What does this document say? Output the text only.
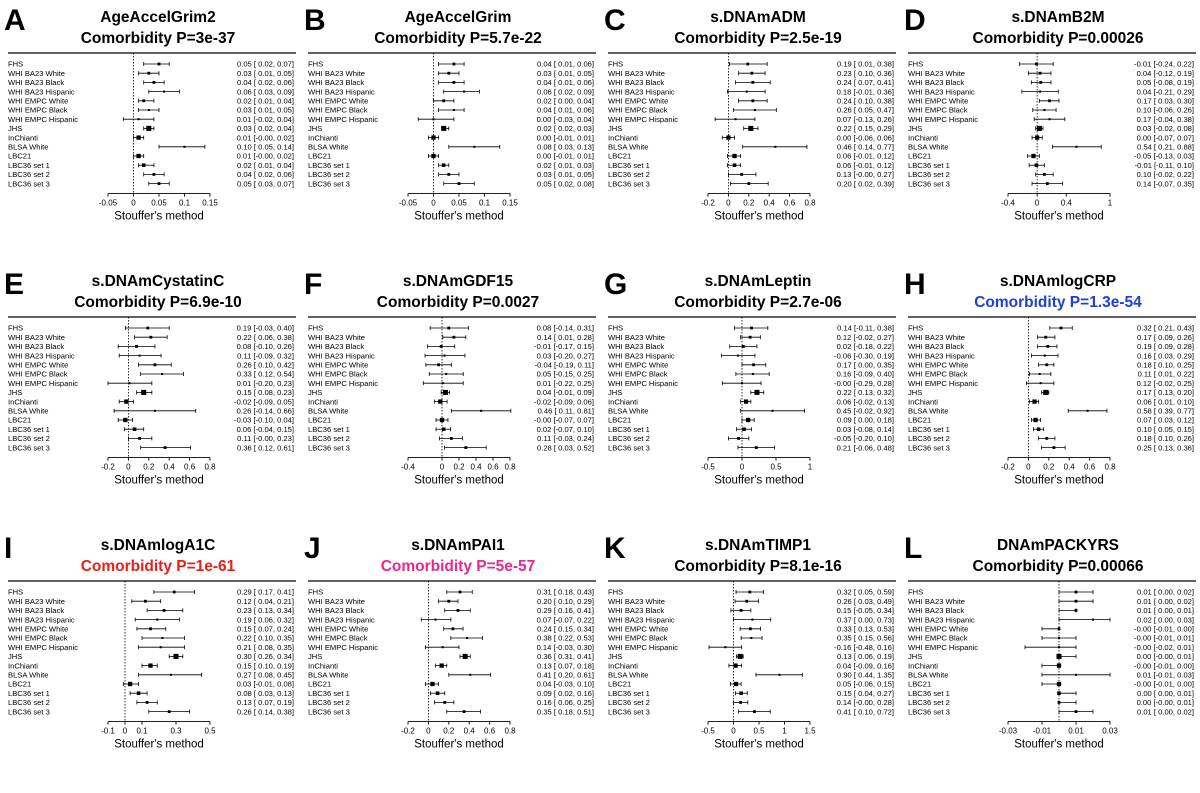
A	AgeAccelGrim2
Comorbidity P=3e-37
FHS	0.05 [ 0.02, 0.07]
WHI BA23 White	0.03 [ 0.01, 0.05]
WHI BA23 Black	0.04 [ 0.02, 0.06]
WHI BA23 Hispanic	0.06 [ 0.03, 0.09]
WHI EMPC White	0.02 [ 0.01, 0.04]
WHI EMPC Black	0.03 [ 0.01, 0.05]
WHI EMPC Hispanic	0.01 [-0.02, 0.04]
JHS	0.03 [ 0.02, 0.04]
InChianti	0.01 [-0.00, 0.02]
BLSA White	0.10 [ 0.05, 0.14]
LBC21	0.01 [-0.00, 0.02]
LBC36 set 1	0.02 [ 0.01, 0.04]
LBC36 set 2	0.04 [ 0.02, 0.06]
LBC36 set 3	0.05 [ 0.03, 0.07]
-0.05 0 0.05 0.1 0.15
Stouffer's method
B	AgeAccelGrim
Comorbidity P=5.7e-22
FHS	0.04 [ 0.01, 0.06]
WHI BA23 White	0.03 [ 0.01, 0.05]
WHI BA23 Black	0.04 [ 0.01, 0.06]
WHI BA23 Hispanic	0.06 [ 0.02, 0.09]
WHI EMPC White	0.02 [ 0.00, 0.04]
WHI EMPC Black	0.04 [ 0.01, 0.06]
WHI EMPC Hispanic	0.00 [-0.03, 0.04]
JHS	0.02 [ 0.02, 0.03]
InChianti	0.00 [-0.01, 0.01]
BLSA White	0.08 [ 0.03, 0.13]
LBC21	0.00 [-0.01, 0.01]
LBC36 set 1	0.02 [ 0.01, 0.03]
LBC36 set 2	0.03 [ 0.01, 0.05]
LBC36 set 3	0.05 [ 0.02, 0.08]
-0.05 0 0.05 0.1 0.15
Stouffer's method
C	s.DNAmADM
Comorbidity P=2.5e-19
FHS	0.19 [ 0.01, 0.38]
WHI BA23 White	0.23 [ 0.10, 0.36]
WHI BA23 Black	0.24 [ 0.07, 0.41]
WHI BA23 Hispanic	0.18 [-0.01, 0.36]
WHI EMPC White	0.24 [ 0.10, 0.38]
WHI EMPC Black	0.26 [ 0.05, 0.47]
WHI EMPC Hispanic	0.07 [-0.13, 0.26]
JHS	0.22 [ 0.15, 0.29]
InChianti	0.00 [-0.06, 0.06]
BLSA White	0.46 [ 0.14, 0.77]
LBC21	0.06 [-0.01, 0.12]
LBC36 set 1	0.06 [-0.01, 0.12]
LBC36 set 2	0.13 [-0.00, 0.27]
LBC36 set 3	0.20 [ 0.02, 0.39]
-0.2 0 0.2 0.4 0.6 0.8
Stouffer's method
D	s.DNAmB2M
Comorbidity P=0.00026
FHS	-0.01 [-0.24, 0.22]
WHI BA23 White	0.04 [-0.12, 0.19]
WHI BA23 Black	0.05 [-0.08, 0.19]
WHI BA23 Hispanic	0.04 [-0.21, 0.29]
WHI EMPC White	0.17 [ 0.03, 0.30]
WHI EMPC Black	0.10 [-0.06, 0.26]
WHI EMPC Hispanic	0.17 [-0.04, 0.38]
JHS	0.03 [-0.02, 0.08]
InChianti	0.00 [-0.07, 0.07]
BLSA White	0.54 [ 0.21, 0.88]
LBC21	-0.05 [-0.13, 0.03]
LBC36 set 1	-0.01 [-0.11, 0.10]
LBC36 set 2	0.10 [-0.02, 0.22]
LBC36 set 3	0.14 [-0.07, 0.35]
-0.4	0	0.4	1
Stouffer's method
E	s.DNAmCystatinC
Comorbidity P=6.9e-10
FHS	0.19 [-0.03, 0.40]
WHI BA23 White	0.22 [ 0.06, 0.38]
WHI BA23 Black	0.08 [-0.10, 0.26]
WHI BA23 Hispanic	0.11 [-0.09, 0.32]
WHI EMPC White	0.26 [ 0.10, 0.42]
WHI EMPC Black	0.33 [ 0.12, 0.54]
WHI EMPC Hispanic	0.01 [-0.20, 0.23]
JHS	0.15 [ 0.08, 0.23]
InChianti	-0.02 [-0.09, 0.05]
BLSA White	0.26 [-0.14, 0.66]
LBC21	-0.03 [-0.10, 0.04]
LBC36 set 1	0.06 [-0.04, 0.15]
LBC36 set 2	0.11 [-0.00, 0.23]
LBC36 set 3	0.36 [ 0.12, 0.61]
-0.2 0 0.2 0.4 0.6 0.8
Stouffer's method
F	s.DNAmGDF15
Comorbidity P=0.0027
FHS	0.08 [-0.14, 0.31]
WHI BA23 White	0.14 [ 0.01, 0.28]
WHI BA23 Black	-0.01 [-0.17, 0.15]
WHI BA23 Hispanic	0.03 [-0.20, 0.27]
WHI EMPC White	-0.04 [-0.19, 0.11]
WHI EMPC Black	0.05 [-0.15, 0.25]
WHI EMPC Hispanic	0.01 [-0.22, 0.25]
JHS	0.04 [-0.01, 0.09]
InChianti	-0.02 [-0.09, 0.06]
BLSA White	0.46 [ 0.11, 0.81]
LBC21	-0.00 [-0.07, 0.07]
LBC36 set 1	0.02 [-0.07, 0.10]
LBC36 set 2	0.11 [-0.03, 0.24]
LBC36 set 3	0.28 [ 0.03, 0.52]
-0.4	0 0.2 0.4 0.6 0.8
Stouffer's method
G	s.DNAmLeptin
Comorbidity P=2.7e-06
FHS	0.14 [-0.11, 0.38]
WHI BA23 White	0.12 [-0.02, 0.27]
WHI BA23 Black	0.02 [-0.18, 0.22]
WHI BA23 Hispanic	-0.06 [-0.30, 0.19]
WHI EMPC White	0.17 [ 0.00, 0.35]
WHI EMPC Black	0.16 [-0.09, 0.40]
WHI EMPC Hispanic	-0.00 [-0.29, 0.28]
JHS	0.22 [ 0.13, 0.32]
InChianti	0.06 [-0.02, 0.13]
BLSA White	0.45 [-0.02, 0.92]
LBC21	0.09 [ 0.00, 0.18]
LBC36 set 1	0.03 [-0.08, 0.14]
LBC36 set 2	-0.05 [-0.20, 0.10]
LBC36 set 3	0.21 [-0.06, 0.48]
-0.5	0	0.5	1
Stouffer's method
H	s.DNAmlogCRP
Comorbidity P=1.3e-54
FHS	0.32 [ 0.21, 0.43]
WHI BA23 White	0.17 [ 0.09, 0.26]
WHI BA23 Black	0.19 [ 0.09, 0.28]
WHI BA23 Hispanic	0.16 [ 0.03, 0.29]
WHI EMPC White	0.18 [ 0.10, 0.25]
WHI EMPC Black	0.11 [ 0.01, 0.22]
WHI EMPC Hispanic	0.12 [-0.02, 0.25]
JHS	0.17 [ 0.13, 0.20]
InChianti	0.06 [ 0.01, 0.10]
BLSA White	0.58 [ 0.39, 0.77]
LBC21	0.07 [ 0.03, 0.12]
LBC36 set 1	0.10 [ 0.05, 0.15]
LBC36 set 2	0.18 [ 0.10, 0.26]
LBC36 set 3	0.25 [ 0.13, 0.36]
-0.2 0 0.2 0.4 0.6 0.8
Stouffer's method
I	s.DNAmlogA1C
Comorbidity P=1e-61
FHS	0.29 [ 0.17, 0.41]
WHI BA23 White	0.12 [ 0.04, 0.21]
WHI BA23 Black	0.23 [ 0.13, 0.34]
WHI BA23 Hispanic	0.19 [ 0.06, 0.32]
WHI EMPC White	0.15 [ 0.07, 0.24]
WHI EMPC Black	0.22 [ 0.10, 0.35]
WHI EMPC Hispanic	0.21 [ 0.08, 0.35]
JHS	0.30 [ 0.26, 0.34]
InChianti	0.15 [ 0.10, 0.19]
BLSA White	0.27 [ 0.08, 0.45]
LBC21	0.03 [-0.01, 0.08]
LBC36 set 1	0.08 [ 0.03, 0.13]
LBC36 set 2	0.13 [ 0.07, 0.19]
LBC36 set 3	0.26 [ 0.14, 0.38]
-0.1 0 0.1	0.3	0.5
Stouffer's method
J	s.DNAmPAI1
Comorbidity P=5e-57
FHS	0.31 [ 0.18, 0.43]
WHI BA23 White	0.20 [ 0.10, 0.29]
WHI BA23 Black	0.29 [ 0.16, 0.41]
WHI BA23 Hispanic	0.07 [-0.07, 0.22]
WHI EMPC White	0.24 [ 0.15, 0.34]
WHI EMPC Black	0.38 [ 0.22, 0.53]
WHI EMPC Hispanic	0.14 [-0.03, 0.30]
JHS	0.36 [ 0.31, 0.41]
InChianti	0.13 [ 0.07, 0.18]
BLSA White	0.41 [ 0.20, 0.61]
LBC21	0.04 [-0.03, 0.10]
LBC36 set 1	0.09 [ 0.02, 0.16]
LBC36 set 2	0.16 [ 0.06, 0.25]
LBC36 set 3	0.35 [ 0.18, 0.51]
-0.2 0 0.2 0.4 0.6 0.8
Stouffer's method
K	s.DNAmTIMP1
Comorbidity P=8.1e-16
FHS	0.32 [ 0.05, 0.59]
WHI BA23 White	0.26 [ 0.03, 0.49]
WHI BA23 Black	0.15 [-0.05, 0.34]
WHI BA23 Hispanic	0.37 [ 0.00, 0.73]
WHI EMPC White	0.33 [ 0.13, 0.53]
WHI EMPC Black	0.35 [ 0.15, 0.56]
WHI EMPC Hispanic	-0.16 [-0.48, 0.16]
JHS	0.13 [ 0.06, 0.19]
InChianti	0.04 [-0.09, 0.16]
BLSA White	0.90 [ 0.44, 1.35]
LBC21	0.05 [-0.06, 0.15]
LBC36 set 1	0.15 [ 0.04, 0.27]
LBC36 set 2	0.14 [-0.00, 0.28]
LBC36 set 3	0.41 [ 0.10, 0.72]
-0.5 0 0.5 1 1.5
Stouffer's method
L	DNAmPACKYRS
Comorbidity P=0.00066
FHS	0.01 [ 0.00, 0.02]
WHI BA23 White	0.01 [ 0.00, 0.02]
WHI BA23 Black	0.01 [ 0.00, 0.01]
WHI BA23 Hispanic	0.02 [ 0.00, 0.03]
WHI EMPC White	-0.00 [-0.01, 0.00]
WHI EMPC Black	-0.00 [-0.01, 0.01]
WHI EMPC Hispanic	-0.00 [-0.02, 0.01]
JHS	0.00 [-0.00, 0.01]
InChianti	-0.00 [-0.01, 0.00]
BLSA White	0.01 [-0.01, 0.03]
LBC21	-0.00 [-0.01, 0.00]
LBC36 set 1	0.00 [ 0.00, 0.01]
LBC36 set 2	0.00 [-0.00, 0.01]
LBC36 set 3	0.01 [ 0.00, 0.02]
-0.03 -0.01 0.01 0.03
Stouffer's method
